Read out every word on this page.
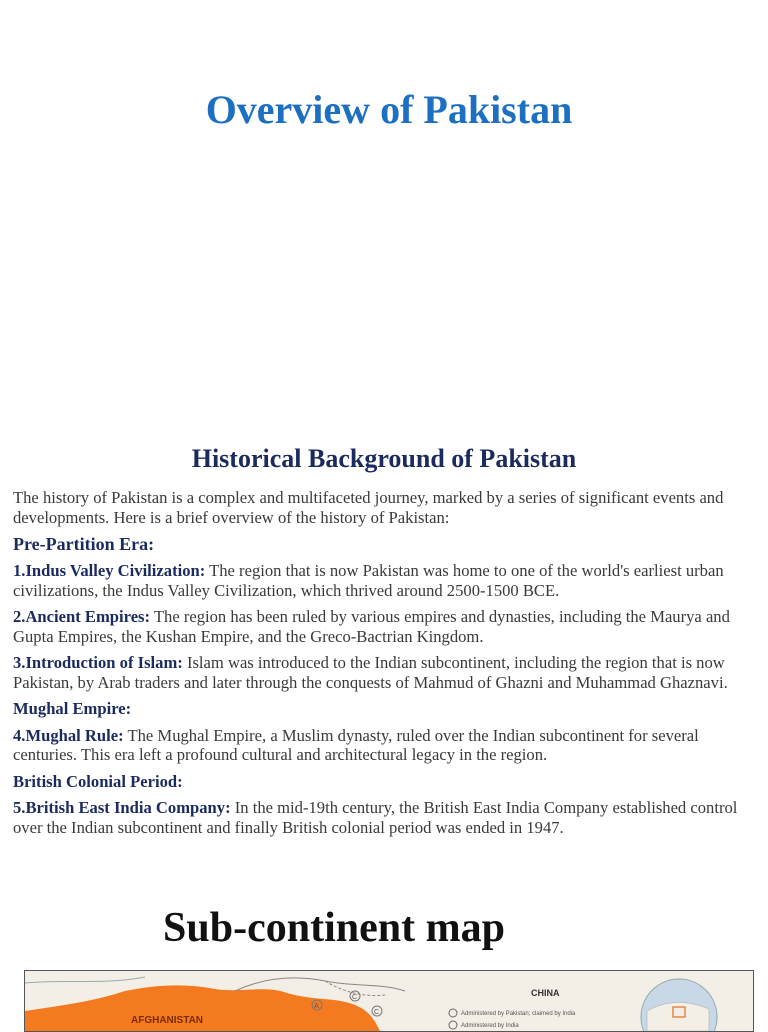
Overview of Pakistan
Historical Background of Pakistan

The history of Pakistan is a complex and multifaceted journey, marked by a series of significant events and developments. Here is a brief overview of the history of Pakistan:

Pre-Partition Era:

1.Indus Valley Civilization: The region that is now Pakistan was home to one of the world's earliest urban civilizations, the Indus Valley Civilization, which thrived around 2500-1500 BCE.

2.Ancient Empires: The region has been ruled by various empires and dynasties, including the Maurya and Gupta Empires, the Kushan Empire, and the Greco-Bactrian Kingdom.

3.Introduction of Islam: Islam was introduced to the Indian subcontinent, including the region that is now Pakistan, by Arab traders and later through the conquests of Mahmud of Ghazni and Muhammad Ghaznavi.

Mughal Empire:

4.Mughal Rule: The Mughal Empire, a Muslim dynasty, ruled over the Indian subcontinent for several centuries. This era left a profound cultural and architectural legacy in the region.

British Colonial Period:

5.British East India Company: In the mid-19th century, the British East India Company established control over the Indian subcontinent and finally British colonial period was ended in 1947.

Sub-continent map
A
C
C
AFGHANISTAN
CHINA
Administered by Pakistan; claimed by India
Administered by India
